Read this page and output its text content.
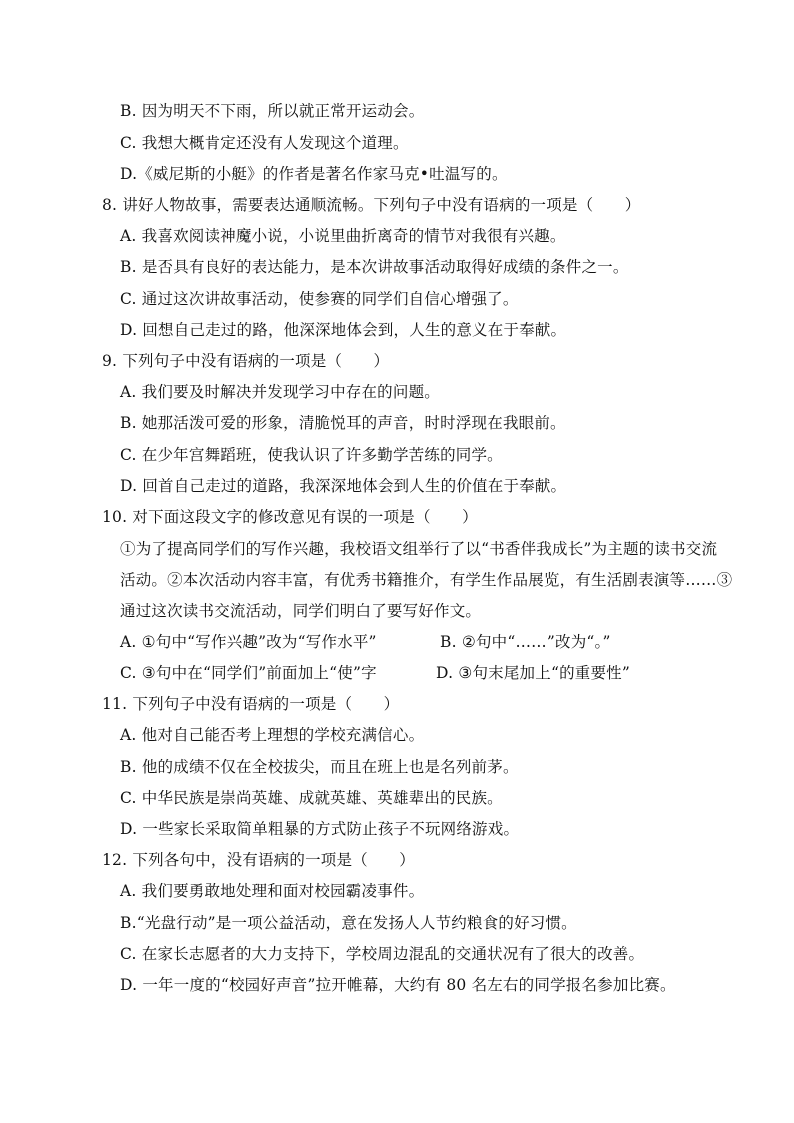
B. 因为明天不下雨，所以就正常开运动会。
C. 我想大概肯定还没有人发现这个道理。
D.《威尼斯的小艇》的作者是著名作家马克•吐温写的。
8. 讲好人物故事，需要表达通顺流畅。下列句子中没有语病的一项是（　　）
A. 我喜欢阅读神魔小说，小说里曲折离奇的情节对我很有兴趣。
B. 是否具有良好的表达能力，是本次讲故事活动取得好成绩的条件之一。
C. 通过这次讲故事活动，使参赛的同学们自信心增强了。
D. 回想自己走过的路，他深深地体会到，人生的意义在于奉献。
9. 下列句子中没有语病的一项是（　　）
A. 我们要及时解决并发现学习中存在的问题。
B. 她那活泼可爱的形象，清脆悦耳的声音，时时浮现在我眼前。
C. 在少年宫舞蹈班，使我认识了许多勤学苦练的同学。
D. 回首自己走过的道路，我深深地体会到人生的价值在于奉献。
10. 对下面这段文字的修改意见有误的一项是（　　）
①为了提高同学们的写作兴趣，我校语文组举行了以“书香伴我成长”为主题的读书交流
活动。②本次活动内容丰富，有优秀书籍推介，有学生作品展览，有生活剧表演等……③
通过这次读书交流活动，同学们明白了要写好作文。
A. ①句中“写作兴趣”改为“写作水平”	B. ②句中“……”改为“。”
C. ③句中在“同学们”前面加上“使”字	D. ③句末尾加上“的重要性”
11. 下列句子中没有语病的一项是（　　）
A. 他对自己能否考上理想的学校充满信心。
B. 他的成绩不仅在全校拔尖，而且在班上也是名列前茅。
C. 中华民族是崇尚英雄、成就英雄、英雄辈出的民族。
D. 一些家长采取简单粗暴的方式防止孩子不玩网络游戏。
12. 下列各句中，没有语病的一项是（　　）
A. 我们要勇敢地处理和面对校园霸凌事件。
B.“光盘行动”是一项公益活动，意在发扬人人节约粮食的好习惯。
C. 在家长志愿者的大力支持下，学校周边混乱的交通状况有了很大的改善。
D. 一年一度的“校园好声音”拉开帷幕，大约有 80 名左右的同学报名参加比赛。
